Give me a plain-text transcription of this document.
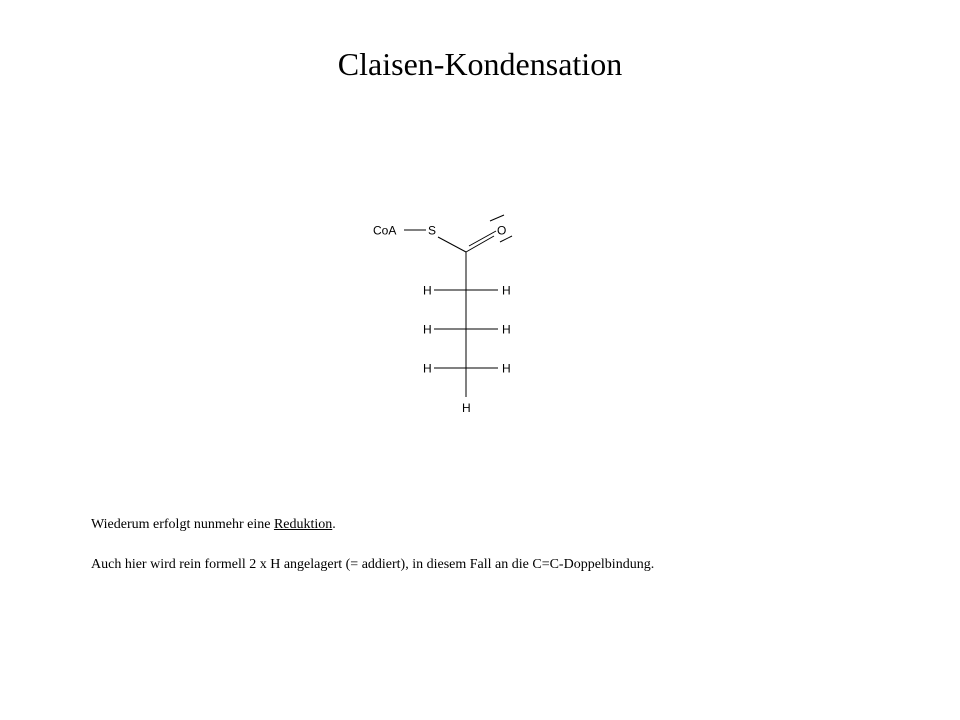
Claisen-Kondensation
CoA	S	O
H	H
H	H
H	H
H
Wiederum erfolgt nunmehr eine Reduktion.
Auch hier wird rein formell 2 x H angelagert (= addiert), in diesem Fall an die C=C-Doppelbindung.
